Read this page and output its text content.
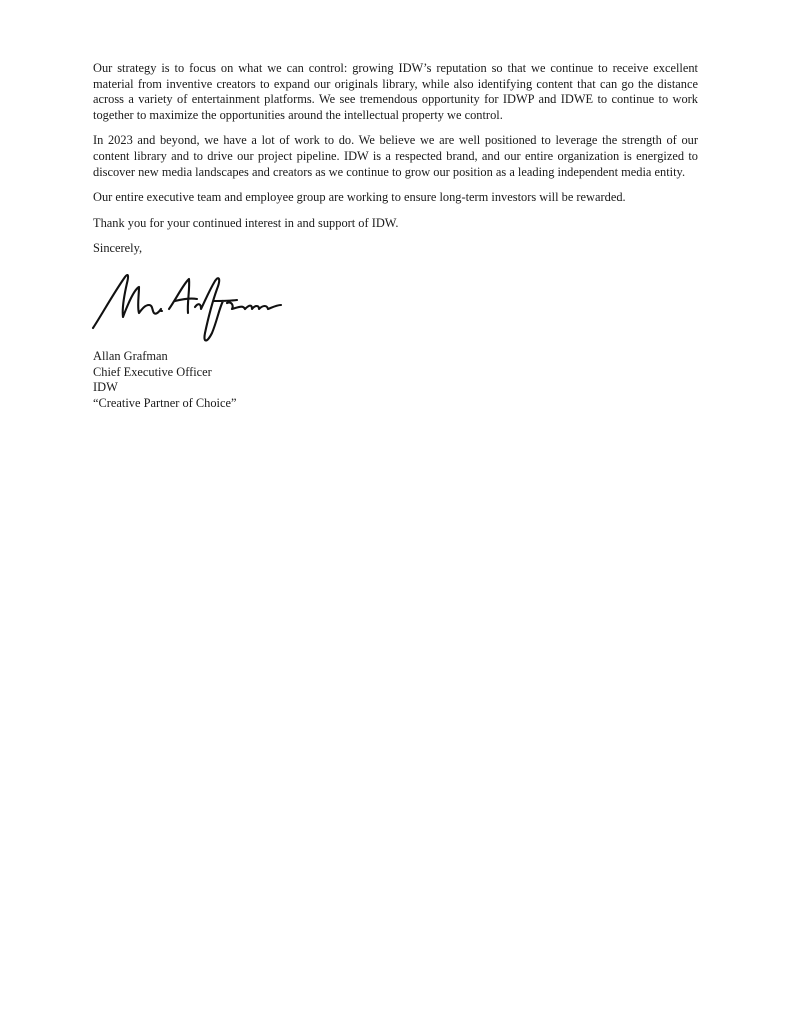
Our strategy is to focus on what we can control: growing IDW’s reputation so that we continue to receive excellent material from inventive creators to expand our originals library, while also identifying content that can go the distance across a variety of entertainment platforms. We see tremendous opportunity for IDWP and IDWE to continue to work together to maximize the opportunities around the intellectual property we control.

In 2023 and beyond, we have a lot of work to do. We believe we are well positioned to leverage the strength of our content library and to drive our project pipeline. IDW is a respected brand, and our entire organization is energized to discover new media landscapes and creators as we continue to grow our position as a leading independent media entity.

Our entire executive team and employee group are working to ensure long-term investors will be rewarded.

Thank you for your continued interest in and support of IDW.

Sincerely,

Allan Grafman
Chief Executive Officer
IDW
“Creative Partner of Choice”
